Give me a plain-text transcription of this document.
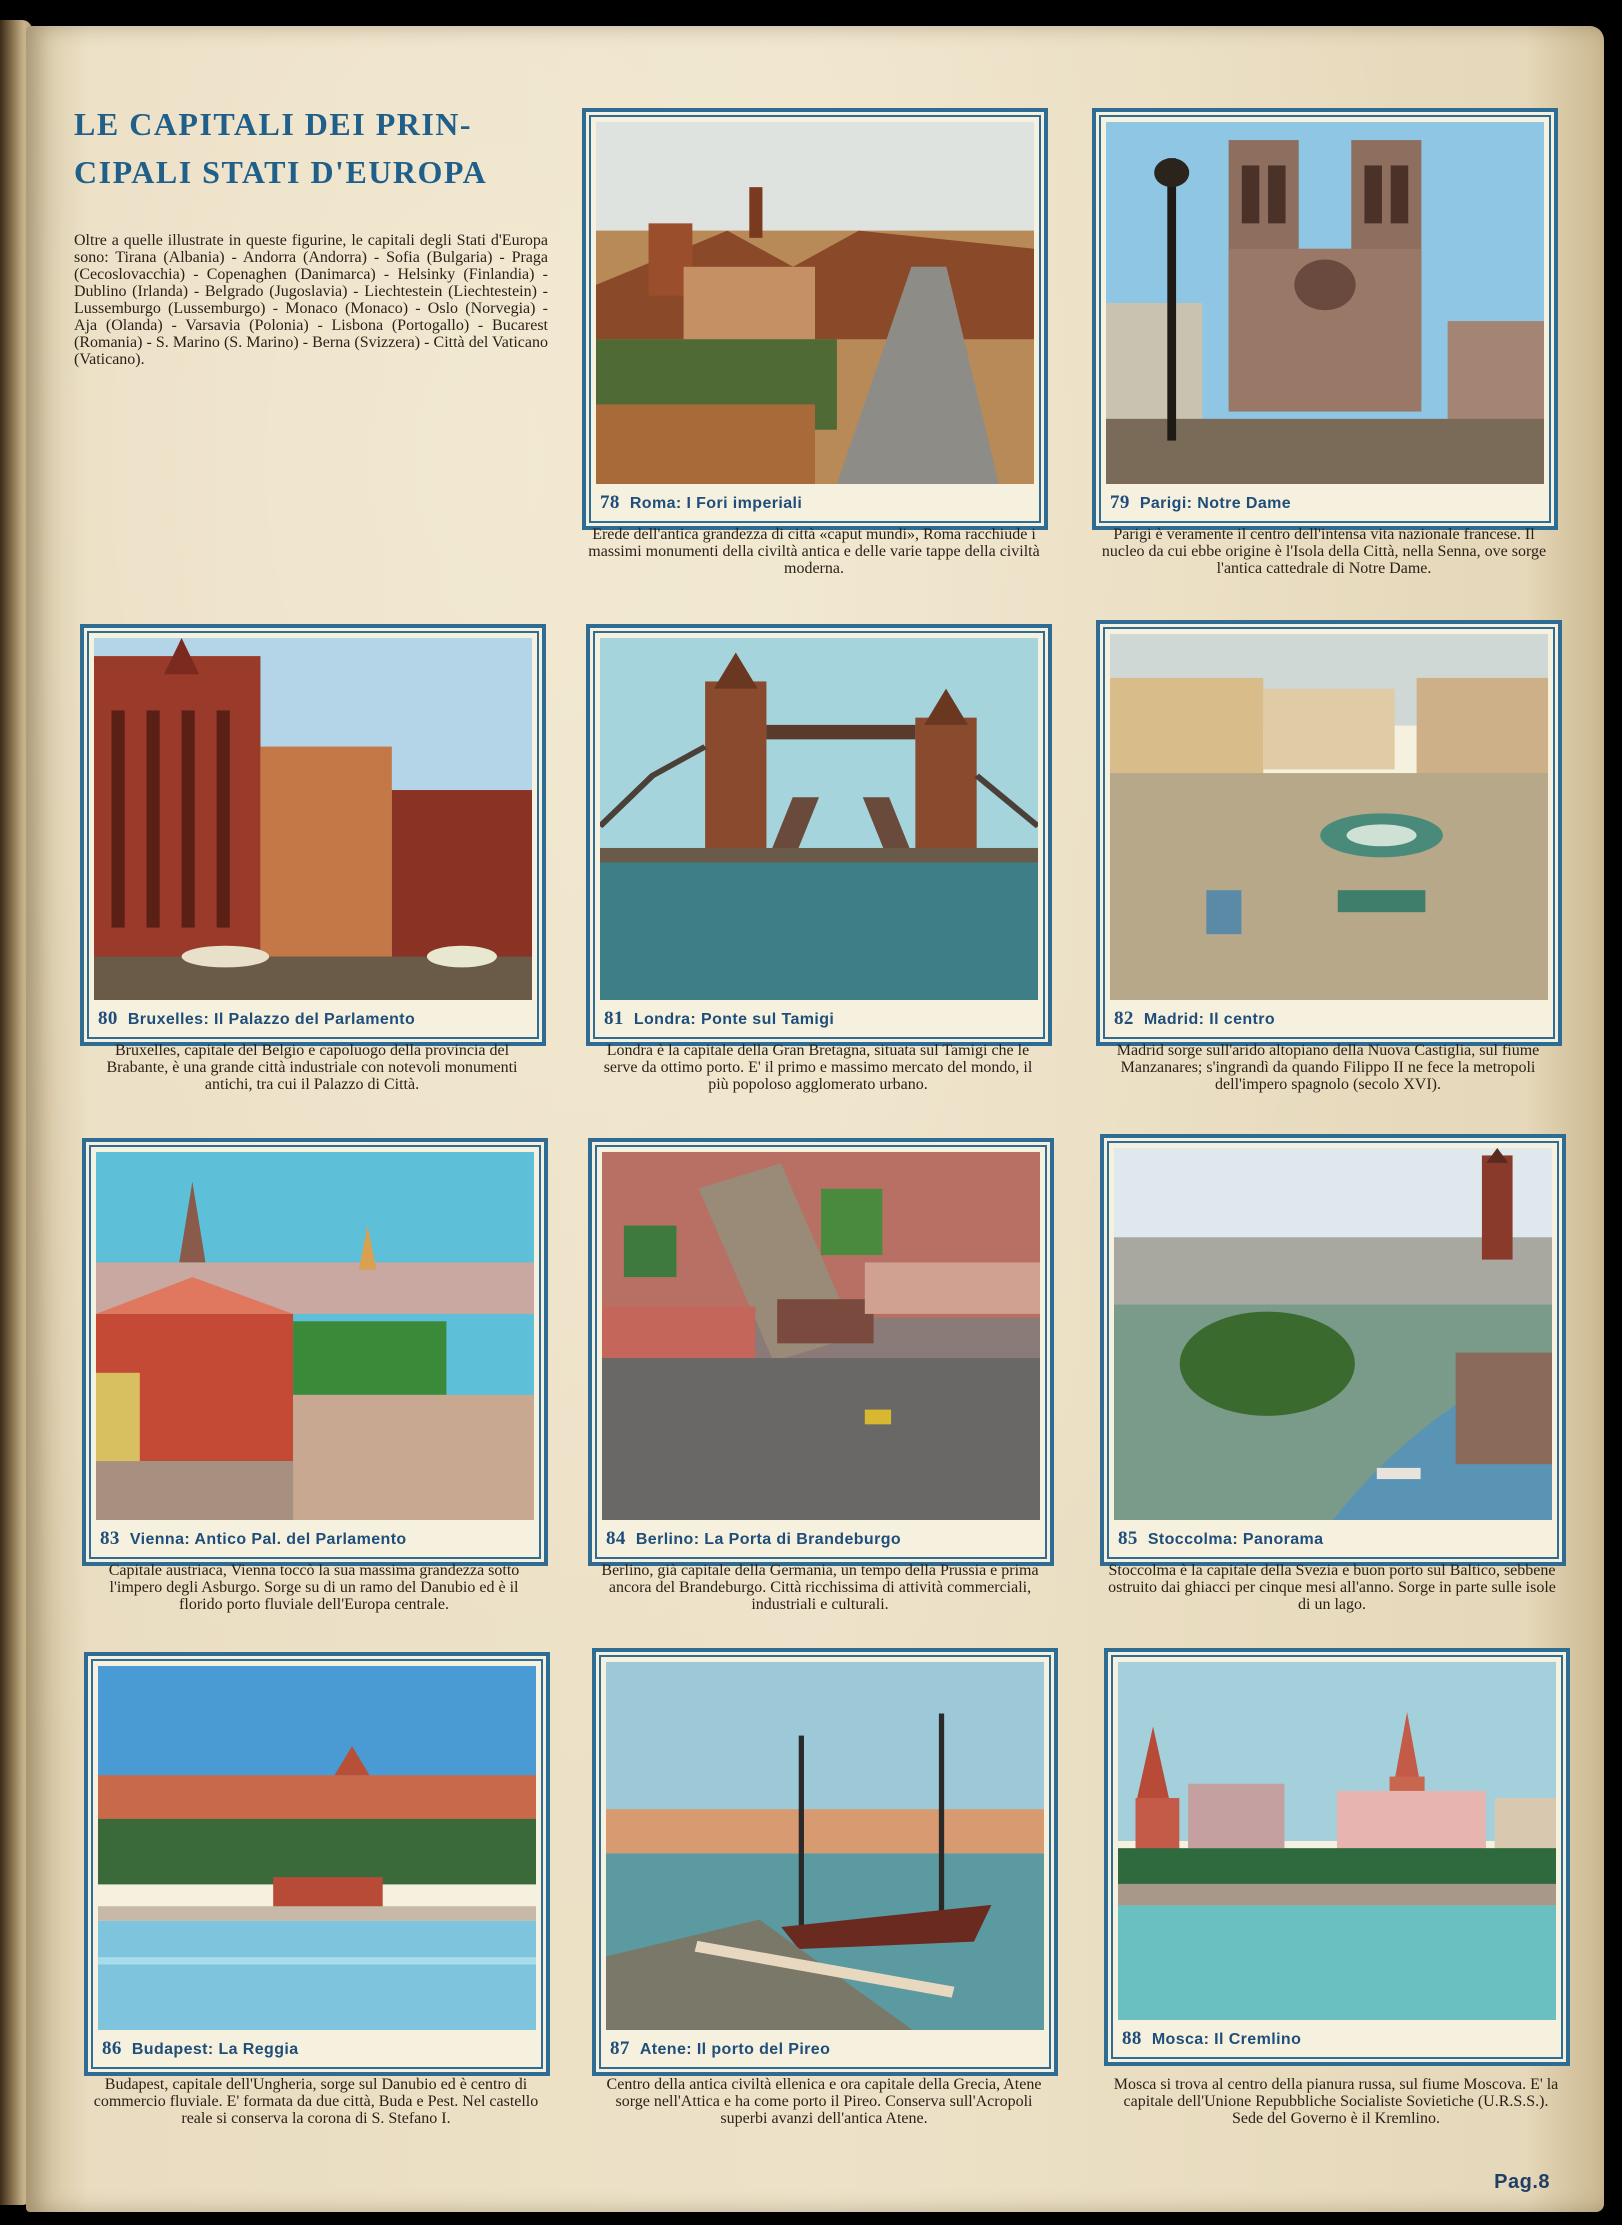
LE CAPITALI DEI PRIN-CIPALI STATI D'EUROPA

Oltre a quelle illustrate in queste figurine, le capitali degli Stati d'Europa sono: Tirana (Albania) - Andorra (Andorra) - Sofia (Bulgaria) - Praga (Cecoslovacchia) - Copenaghen (Danimarca) - Helsinky (Finlandia) - Dublino (Irlanda) - Belgrado (Jugoslavia) - Liechtestein (Liechtestein) - Lussemburgo (Lussemburgo) - Monaco (Monaco) - Oslo (Norvegia) - Aja (Olanda) - Varsavia (Polonia) - Lisbona (Portogallo) - Bucarest (Romania) - S. Marino (S. Marino) - Berna (Svizzera) - Città del Vaticano (Vaticano).

78 Roma: I Fori imperiali	79 Parigi: Notre Dame
80 Bruxelles: Il Palazzo del Parlamento	81 Londra: Ponte sul Tamigi	82 Madrid: Il centro
83 Vienna: Antico Pal. del Parlamento	84 Berlino: La Porta di Brandeburgo	85 Stoccolma: Panorama
86 Budapest: La Reggia	87 Atene: Il porto del Pireo
88 Mosca: Il Cremlino

Erede dell'antica grandezza di città «caput mundi», Roma racchiude i massimi monumenti della civiltà antica e delle varie tappe della civiltà moderna.

Parigi è veramente il centro dell'intensa vita nazionale francese. Il nucleo da cui ebbe origine è l'Isola della Città, nella Senna, ove sorge l'antica cattedrale di Notre Dame.

Bruxelles, capitale del Belgio e capoluogo della provincia del Brabante, è una grande città industriale con notevoli monumenti antichi, tra cui il Palazzo di Città.

Londra è la capitale della Gran Bretagna, situata sul Tamigi che le serve da ottimo porto. E' il primo e massimo mercato del mondo, il più popoloso agglomerato urbano.

Madrid sorge sull'arido altopiano della Nuova Castiglia, sul fiume Manzanares; s'ingrandì da quando Filippo II ne fece la metropoli dell'impero spagnolo (secolo XVI).

Capitale austriaca, Vienna toccò la sua massima grandezza sotto l'impero degli Asburgo. Sorge su di un ramo del Danubio ed è il florido porto fluviale dell'Europa centrale.

Berlino, già capitale della Germania, un tempo della Prussia e prima ancora del Brandeburgo. Città ricchissima di attività commerciali, industriali e culturali.

Stoccolma è la capitale della Svezia e buon porto sul Baltico, sebbene ostruito dai ghiacci per cinque mesi all'anno. Sorge in parte sulle isole di un lago.

Budapest, capitale dell'Ungheria, sorge sul Danubio ed è centro di commercio fluviale. E' formata da due città, Buda e Pest. Nel castello reale si conserva la corona di S. Stefano I.

Centro della antica civiltà ellenica e ora capitale della Grecia, Atene sorge nell'Attica e ha come porto il Pireo. Conserva sull'Acropoli superbi avanzi dell'antica Atene.

Mosca si trova al centro della pianura russa, sul fiume Moscova. E' la capitale dell'Unione Repubbliche Socialiste Sovietiche (U.R.S.S.). Sede del Governo è il Kremlino.

Pag.8
